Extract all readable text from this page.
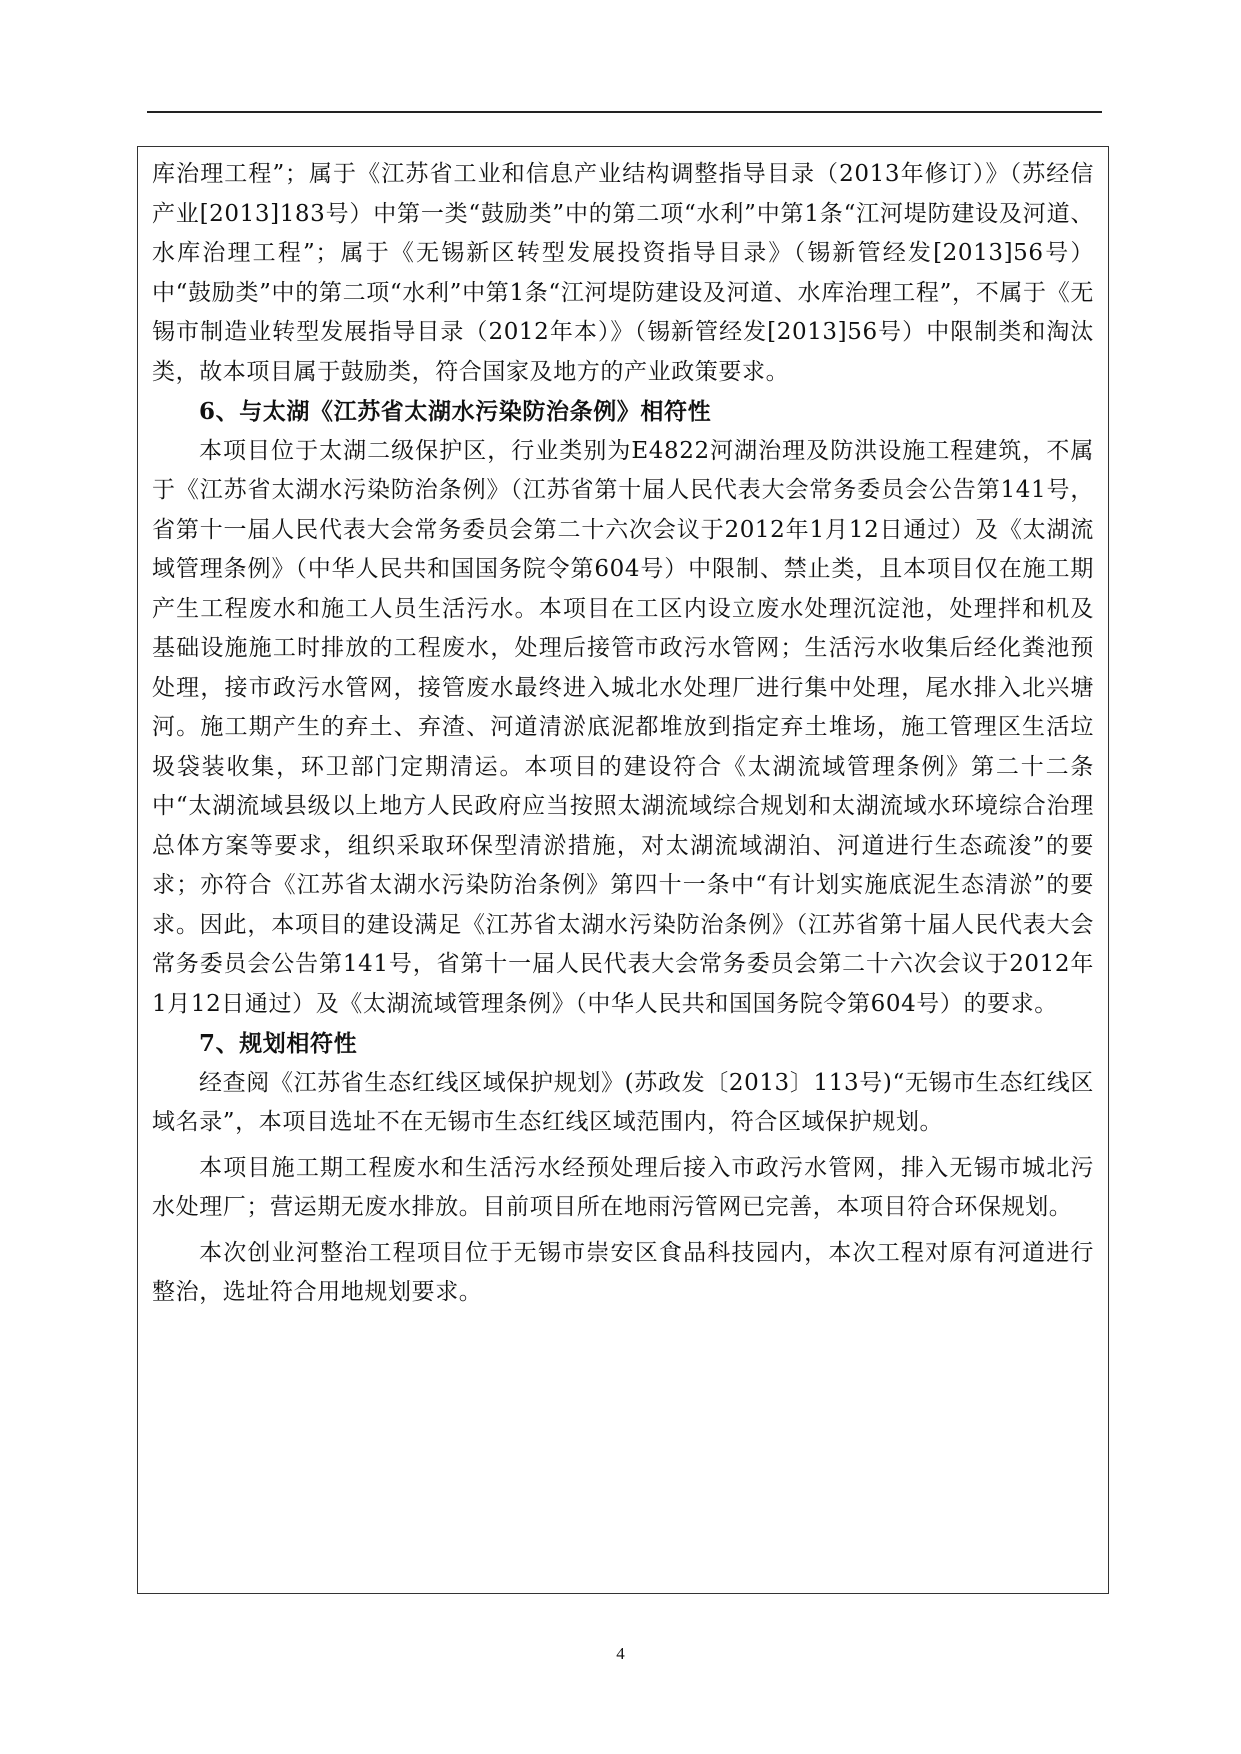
库治理工程”；属于《江苏省工业和信息产业结构调整指导目录（2013年修订）》（苏经信产业[2013]183号）中第一类“鼓励类”中的第二项“水利”中第1条“江河堤防建设及河道、水库治理工程”；属于《无锡新区转型发展投资指导目录》（锡新管经发[2013]56号）中“鼓励类”中的第二项“水利”中第1条“江河堤防建设及河道、水库治理工程”，不属于《无锡市制造业转型发展指导目录（2012年本）》（锡新管经发[2013]56号）中限制类和淘汰类，故本项目属于鼓励类，符合国家及地方的产业政策要求。

6、与太湖《江苏省太湖水污染防治条例》相符性

本项目位于太湖二级保护区，行业类别为E4822河湖治理及防洪设施工程建筑，不属于《江苏省太湖水污染防治条例》（江苏省第十届人民代表大会常务委员会公告第141号，省第十一届人民代表大会常务委员会第二十六次会议于2012年1月12日通过）及《太湖流域管理条例》（中华人民共和国国务院令第604号）中限制、禁止类，且本项目仅在施工期产生工程废水和施工人员生活污水。本项目在工区内设立废水处理沉淀池，处理拌和机及基础设施施工时排放的工程废水，处理后接管市政污水管网；生活污水收集后经化粪池预处理，接市政污水管网，接管废水最终进入城北水处理厂进行集中处理，尾水排入北兴塘河。施工期产生的弃土、弃渣、河道清淤底泥都堆放到指定弃土堆场，施工管理区生活垃圾袋装收集，环卫部门定期清运。本项目的建设符合《太湖流域管理条例》第二十二条中“太湖流域县级以上地方人民政府应当按照太湖流域综合规划和太湖流域水环境综合治理总体方案等要求，组织采取环保型清淤措施，对太湖流域湖泊、河道进行生态疏浚”的要求；亦符合《江苏省太湖水污染防治条例》第四十一条中“有计划实施底泥生态清淤”的要求。因此，本项目的建设满足《江苏省太湖水污染防治条例》（江苏省第十届人民代表大会常务委员会公告第141号，省第十一届人民代表大会常务委员会第二十六次会议于2012年1月12日通过）及《太湖流域管理条例》（中华人民共和国国务院令第604号）的要求。

7、规划相符性

经查阅《江苏省生态红线区域保护规划》(苏政发〔2013〕113号)“无锡市生态红线区域名录”，本项目选址不在无锡市生态红线区域范围内，符合区域保护规划。

本项目施工期工程废水和生活污水经预处理后接入市政污水管网，排入无锡市城北污水处理厂；营运期无废水排放。目前项目所在地雨污管网已完善，本项目符合环保规划。

本次创业河整治工程项目位于无锡市崇安区食品科技园内，本次工程对原有河道进行整治，选址符合用地规划要求。

4
